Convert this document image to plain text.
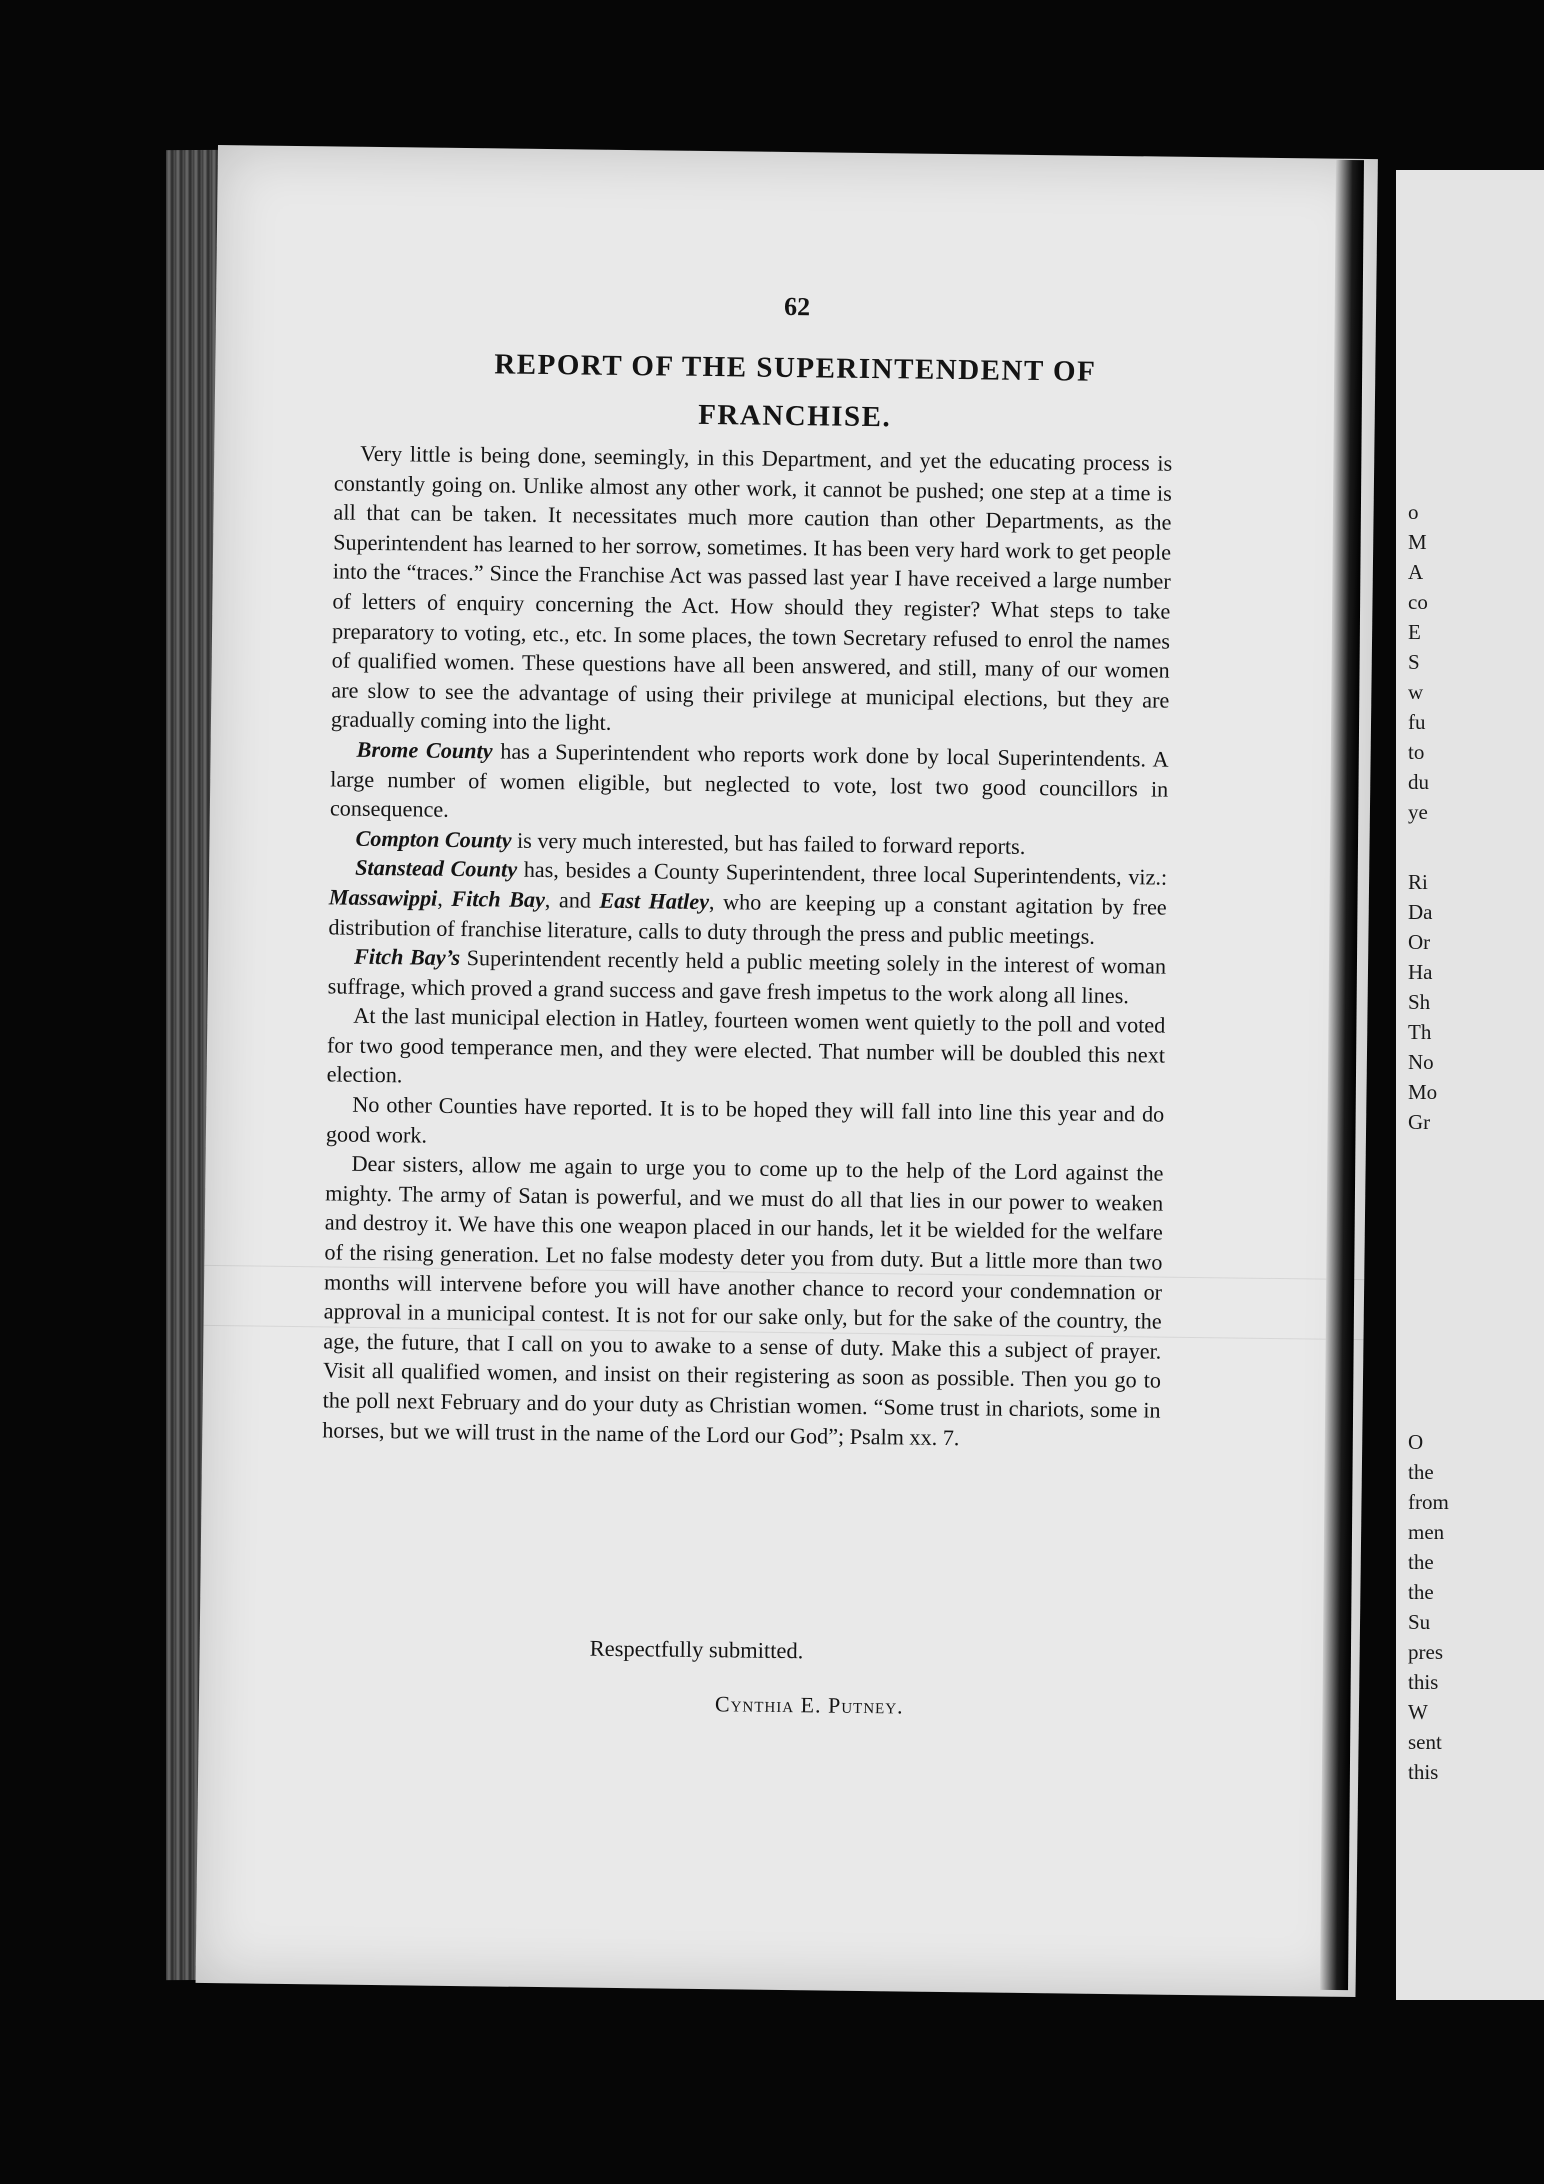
62
REPORT OF THE SUPERINTENDENT OF
FRANCHISE.

Very little is being done, seemingly, in this Department, and yet the educating process is constantly going on. Unlike almost any other work, it cannot be pushed; one step at a time is all that can be taken. It necessitates much more caution than other Departments, as the Superintendent has learned to her sorrow, sometimes. It has been very hard work to get people into the “traces.” Since the Franchise Act was passed last year I have received a large number of letters of enquiry concerning the Act. How should they register? What steps to take preparatory to voting, etc., etc. In some places, the town Secretary refused to enrol the names of qualified women. These questions have all been answered, and still, many of our women are slow to see the advantage of using their privilege at municipal elections, but they are gradually coming into the light.

Brome County has a Superintendent who reports work done by local Superintendents. A large number of women eligible, but neglected to vote, lost two good councillors in consequence.

Compton County is very much interested, but has failed to forward reports.

Stanstead County has, besides a County Superintendent, three local Superintendents, viz.: Massawippi, Fitch Bay, and East Hatley, who are keeping up a constant agitation by free distribution of franchise literature, calls to duty through the press and public meetings.

Fitch Bay’s Superintendent recently held a public meeting solely in the interest of woman suffrage, which proved a grand success and gave fresh impetus to the work along all lines.

At the last municipal election in Hatley, fourteen women went quietly to the poll and voted for two good temperance men, and they were elected. That number will be doubled this next election.

No other Counties have reported. It is to be hoped they will fall into line this year and do good work.

Dear sisters, allow me again to urge you to come up to the help of the Lord against the mighty. The army of Satan is powerful, and we must do all that lies in our power to weaken and destroy it. We have this one weapon placed in our hands, let it be wielded for the welfare of the rising generation. Let no false modesty deter you from duty. But a little more than two months will intervene before you will have another chance to record your condemnation or approval in a municipal contest. It is not for our sake only, but for the sake of the country, the age, the future, that I call on you to awake to a sense of duty. Make this a subject of prayer. Visit all qualified women, and insist on their registering as soon as possible. Then you go to the poll next February and do your duty as Christian women. “Some trust in chariots, some in horses, but we will trust in the name of the Lord our God”; Psalm xx. 7.

Respectfully submitted.
Cynthia E. Putney.
o
M
A
co
E
S
w
fu
to
du
ye
Ri
Da
Or
Ha
Sh
Th
No
Mo
Gr
O
the
from
men
the
the
Su
pres
this
W
sent
this
